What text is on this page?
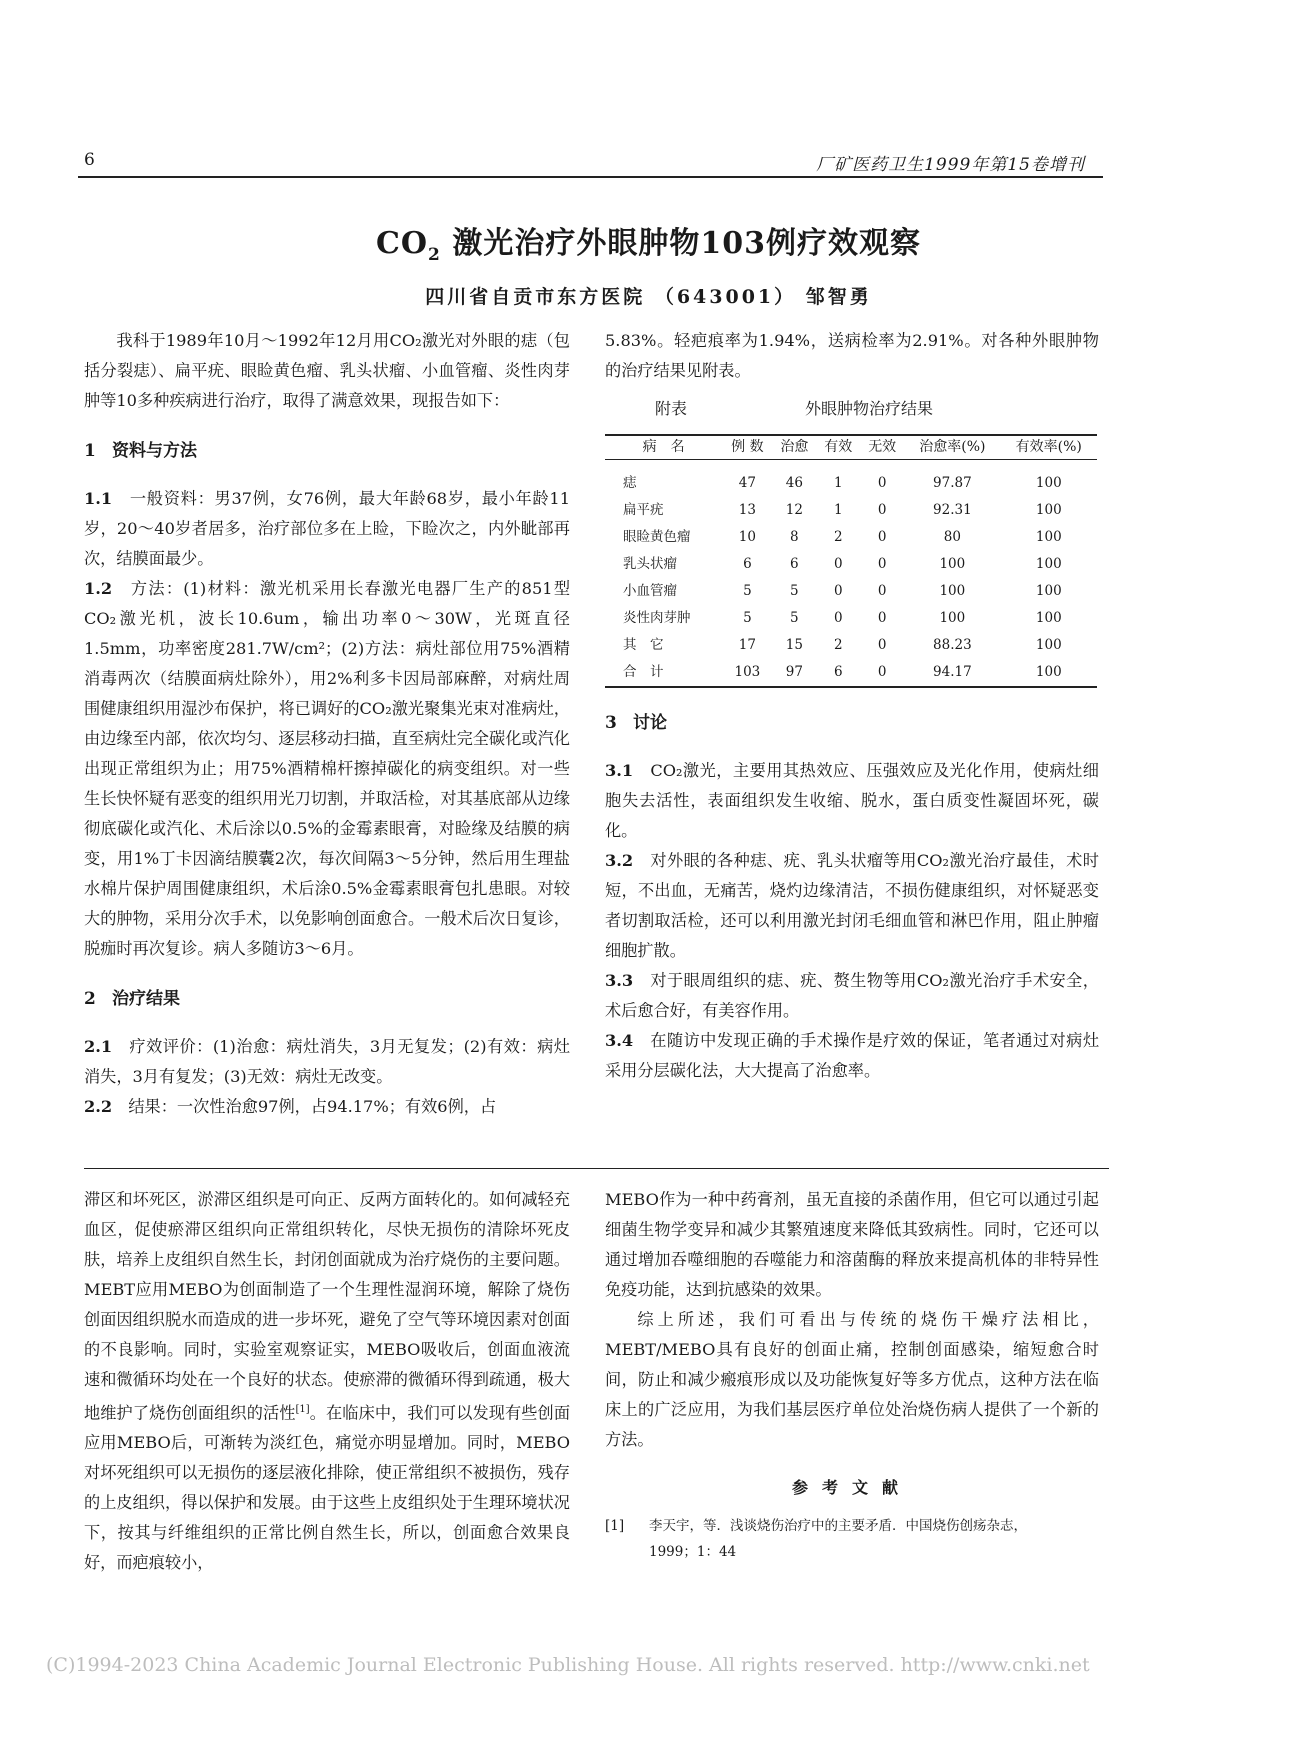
6	厂矿医药卫生1999年第15卷增刊
$CO_2$ 激光治疗外眼肿物103例疗效观察
四川省自贡市东方医院 （643001） 邹智勇

我科于1989年10月～1992年12月用CO₂激光对外眼的痣（包括分裂痣）、扁平疣、眼睑黄色瘤、乳头状瘤、小血管瘤、炎性肉芽肿等10多种疾病进行治疗，取得了满意效果，现报告如下：

1 资料与方法

1.1　 一般资料：男37例，女76例，最大年龄68岁，最小年龄11岁，20～40岁者居多，治疗部位多在上睑，下睑次之，内外眦部再次，结膜面最少。

1.2　 方法：(1)材料：激光机采用长春激光电器厂生产的851型CO₂激光机，波长10.6um，输出功率0～30W，光斑直径1.5mm，功率密度281.7W/cm²；(2)方法：病灶部位用75%酒精消毒两次（结膜面病灶除外），用2%利多卡因局部麻醉，对病灶周围健康组织用湿沙布保护，将已调好的CO₂激光聚集光束对准病灶，由边缘至内部，依次均匀、逐层移动扫描，直至病灶完全碳化或汽化出现正常组织为止；用75%酒精棉杆擦掉碳化的病变组织。对一些生长快怀疑有恶变的组织用光刀切割，并取活检，对其基底部从边缘彻底碳化或汽化、术后涂以0.5%的金霉素眼膏，对睑缘及结膜的病变，用1%丁卡因滴结膜囊2次，每次间隔3～5分钟，然后用生理盐水棉片保护周围健康组织，术后涂0.5%金霉素眼膏包扎患眼。对较大的肿物，采用分次手术，以免影响创面愈合。一般术后次日复诊，脱痂时再次复诊。病人多随访3～6月。

2 治疗结果

2.1　 疗效评价：(1)治愈：病灶消失，3月无复发；(2)有效：病灶消失，3月有复发；(3)无效：病灶无改变。

2.2　 结果：一次性治愈97例，占94.17%；有效6例，占

5.83%。轻疤痕率为1.94%，送病检率为2.91%。对各种外眼肿物的治疗结果见附表。

附表	外眼肿物治疗结果
病　名	例 数	治愈	有效	无效	治愈率(%)	有效率(%)
痣	47	46	1	0	97.87	100
扁平疣	13	12	1	0	92.31	100
眼睑黄色瘤	10	8	2	0	80	100
乳头状瘤	6	6	0	0	100	100
小血管瘤	5	5	0	0	100	100
炎性肉芽肿	5	5	0	0	100	100
其　它	17	15	2	0	88.23	100
合　计	103	97	6	0	94.17	100

3 讨论

3.1　 CO₂激光，主要用其热效应、压强效应及光化作用，使病灶细胞失去活性，表面组织发生收缩、脱水，蛋白质变性凝固坏死，碳化。

3.2　 对外眼的各种痣、疣、乳头状瘤等用CO₂激光治疗最佳，术时短，不出血，无痛苦，烧灼边缘清洁，不损伤健康组织，对怀疑恶变者切割取活检，还可以利用激光封闭毛细血管和淋巴作用，阻止肿瘤细胞扩散。

3.3　 对于眼周组织的痣、疣、赘生物等用CO₂激光治疗手术安全，术后愈合好，有美容作用。

3.4　 在随访中发现正确的手术操作是疗效的保证，笔者通过对病灶采用分层碳化法，大大提高了治愈率。

滞区和坏死区，淤滞区组织是可向正、反两方面转化的。如何减轻充血区，促使瘀滞区组织向正常组织转化，尽快无损伤的清除坏死皮肤，培养上皮组织自然生长，封闭创面就成为治疗烧伤的主要问题。MEBT应用MEBO为创面制造了一个生理性湿润环境，解除了烧伤创面因组织脱水而造成的进一步坏死，避免了空气等环境因素对创面的不良影响。同时，实验室观察证实，MEBO吸收后，创面血液流速和微循环均处在一个良好的状态。使瘀滞的微循环得到疏通，极大地维护了烧伤创面组织的活性[1]。在临床中，我们可以发现有些创面应用MEBO后，可渐转为淡红色，痛觉亦明显增加。同时，MEBO对坏死组织可以无损伤的逐层液化排除，使正常组织不被损伤，残存的上皮组织，得以保护和发展。由于这些上皮组织处于生理环境状况下，按其与纤维组织的正常比例自然生长，所以，创面愈合效果良好，而疤痕较小，

MEBO作为一种中药膏剂，虽无直接的杀菌作用，但它可以通过引起细菌生物学变异和减少其繁殖速度来降低其致病性。同时，它还可以通过增加吞噬细胞的吞噬能力和溶菌酶的释放来提高机体的非特异性免疫功能，达到抗感染的效果。

综上所述，我们可看出与传统的烧伤干燥疗法相比，MEBT/MEBO具有良好的创面止痛，控制创面感染，缩短愈合时间，防止和减少瘢痕形成以及功能恢复好等多方优点，这种方法在临床上的广泛应用，为我们基层医疗单位处治烧伤病人提供了一个新的方法。

参考文献

[1] 李天宇，等．浅谈烧伤治疗中的主要矛盾．中国烧伤创疡杂志，
1999；1：44
(C)1994-2023 China Academic Journal Electronic Publishing House. All rights reserved. http://www.cnki.net
